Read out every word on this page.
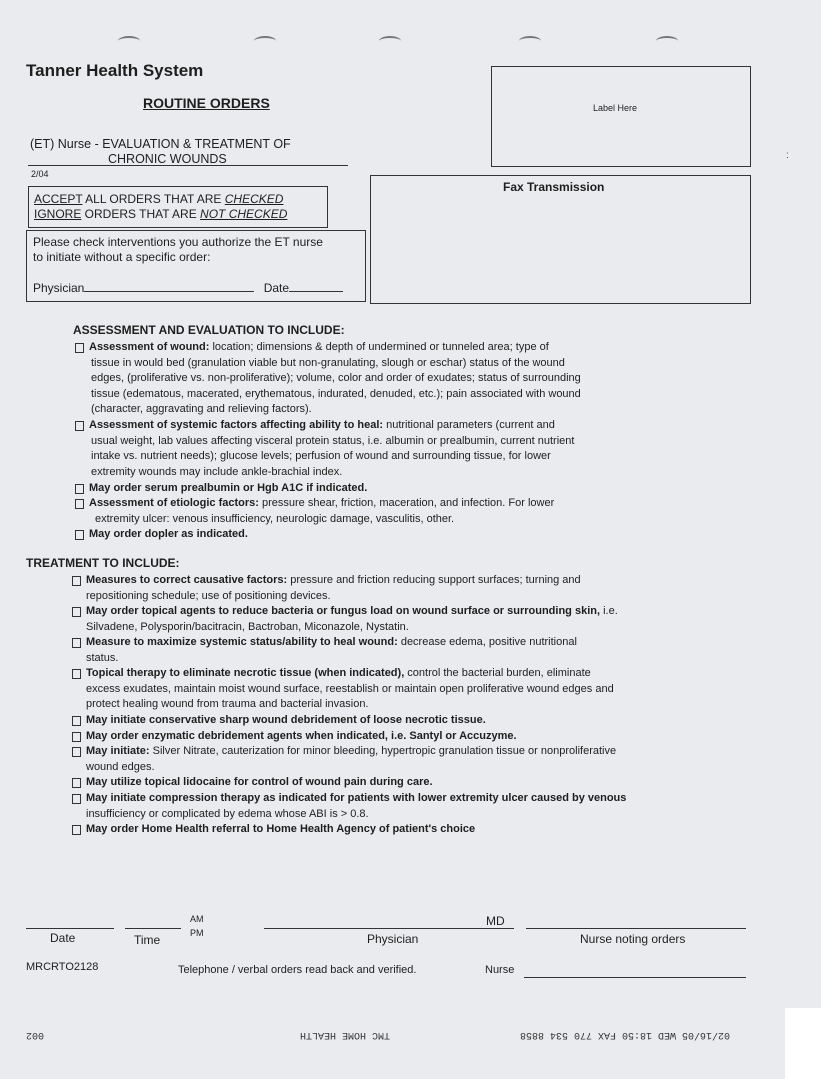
Tanner Health System
ROUTINE ORDERS
(ET) Nurse - EVALUATION & TREATMENT OF
CHRONIC WOUNDS
2/04
ACCEPT ALL ORDERS THAT ARE CHECKED
IGNORE ORDERS THAT ARE NOT CHECKED
Please check interventions you authorize the ET nurse
to initiate without a specific order:
Physician	Date
Label Here
Fax Transmission
ASSESSMENT AND EVALUATION TO INCLUDE:
Assessment of wound: location; dimensions & depth of undermined or tunneled area; type of
tissue in would bed (granulation viable but non-granulating, slough or eschar) status of the wound
edges, (proliferative vs. non-proliferative); volume, color and order of exudates; status of surrounding
tissue (edematous, macerated, erythematous, indurated, denuded, etc.); pain associated with wound
(character, aggravating and relieving factors).
Assessment of systemic factors affecting ability to heal: nutritional parameters (current and
usual weight, lab values affecting visceral protein status, i.e. albumin or prealbumin, current nutrient
intake vs. nutrient needs); glucose levels; perfusion of wound and surrounding tissue, for lower
extremity wounds may include ankle-brachial index.
May order serum prealbumin or Hgb A1C if indicated.
Assessment of etiologic factors: pressure shear, friction, maceration, and infection. For lower
extremity ulcer: venous insufficiency, neurologic damage, vasculitis, other.
May order dopler as indicated.
TREATMENT TO INCLUDE:
Measures to correct causative factors: pressure and friction reducing support surfaces; turning and
repositioning schedule; use of positioning devices.
May order topical agents to reduce bacteria or fungus load on wound surface or surrounding skin, i.e.
Silvadene, Polysporin/bacitracin, Bactroban, Miconazole, Nystatin.
Measure to maximize systemic status/ability to heal wound: decrease edema, positive nutritional
status.
Topical therapy to eliminate necrotic tissue (when indicated), control the bacterial burden, eliminate
excess exudates, maintain moist wound surface, reestablish or maintain open proliferative wound edges and
protect healing wound from trauma and bacterial invasion.
May initiate conservative sharp wound debridement of loose necrotic tissue.
May order enzymatic debridement agents when indicated, i.e. Santyl or Accuzyme.
May initiate: Silver Nitrate, cauterization for minor bleeding, hypertropic granulation tissue or nonproliferative
wound edges.
May utilize topical lidocaine for control of wound pain during care.
May initiate compression therapy as indicated for patients with lower extremity ulcer caused by venous
insufficiency or complicated by edema whose ABI is > 0.8.
May order Home Health referral to Home Health Agency of patient's choice
Date	Time
AM
PM
MD
Physician	Nurse noting orders
MRCRTO2128	Telephone / verbal orders read back and verified.	Nurse
002	TMC HOME HEALTH	02/16/05 WED 18:50 FAX 770 534 8858
:
